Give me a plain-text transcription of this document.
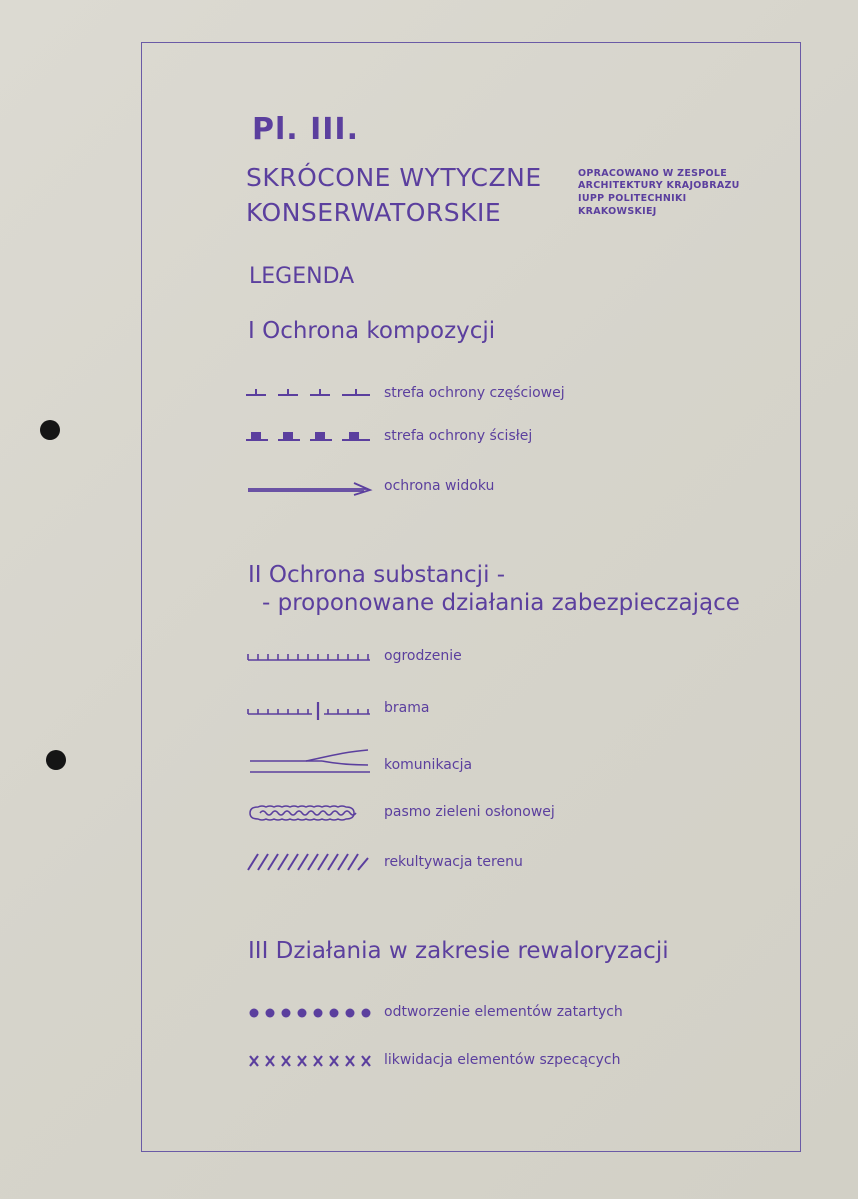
Pl. III.
SKRÓCONE WYTYCZNE
KONSERWATORSKIE
OPRACOWANO W ZESPOLE
ARCHITEKTURY KRAJOBRAZU
IUPP POLITECHNIKI
KRAKOWSKIEJ
LEGENDA
I Ochrona kompozycji
strefa ochrony częściowej
strefa ochrony ścisłej
ochrona widoku
II Ochrona substancji -
- proponowane działania zabezpieczające
ogrodzenie
brama
komunikacja
pasmo zieleni osłonowej
rekultywacja terenu
III Działania w zakresie rewaloryzacji
odtworzenie elementów zatartych
likwidacja elementów szpecących
